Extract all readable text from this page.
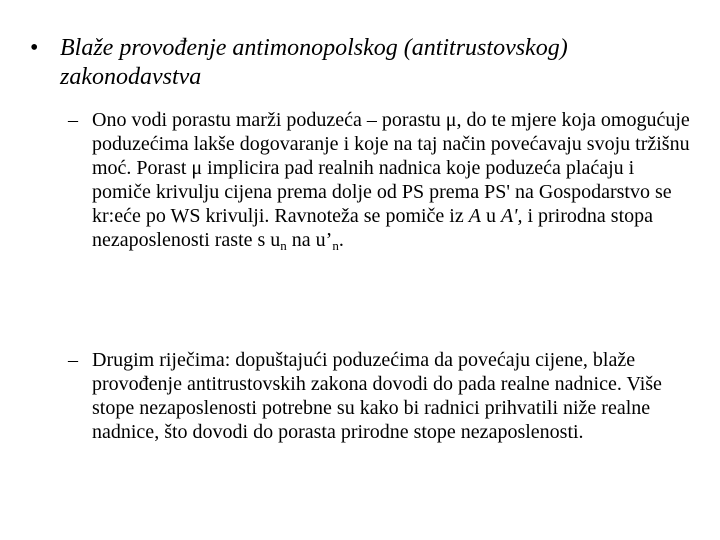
• Blaže provođenje antimonopolskog (antitrustovskog) zakonodavstva
– Ono vodi porastu marži poduzeća – porastu μ, do te mjere koja omogućuje poduzećima lakše dogovaranje i koje na taj način povećavaju svoju tržišnu moć. Porast μ implicira pad realnih nadnica koje poduzeća plaćaju i pomiče krivulju cijena prema dolje od PS prema PS' na Gospodarstvo se kr:eće po WS krivulji. Ravnoteža se pomiče iz A u A', i prirodna stopa nezaposlenosti raste s $u_n$ na $u’_n$.
– Drugim riječima: dopuštajući poduzećima da povećaju cijene, blaže provođenje antitrustovskih zakona dovodi do pada realne nadnice. Više stope nezaposlenosti potrebne su kako bi radnici prihvatili niže realne nadnice, što dovodi do porasta prirodne stope nezaposlenosti.
